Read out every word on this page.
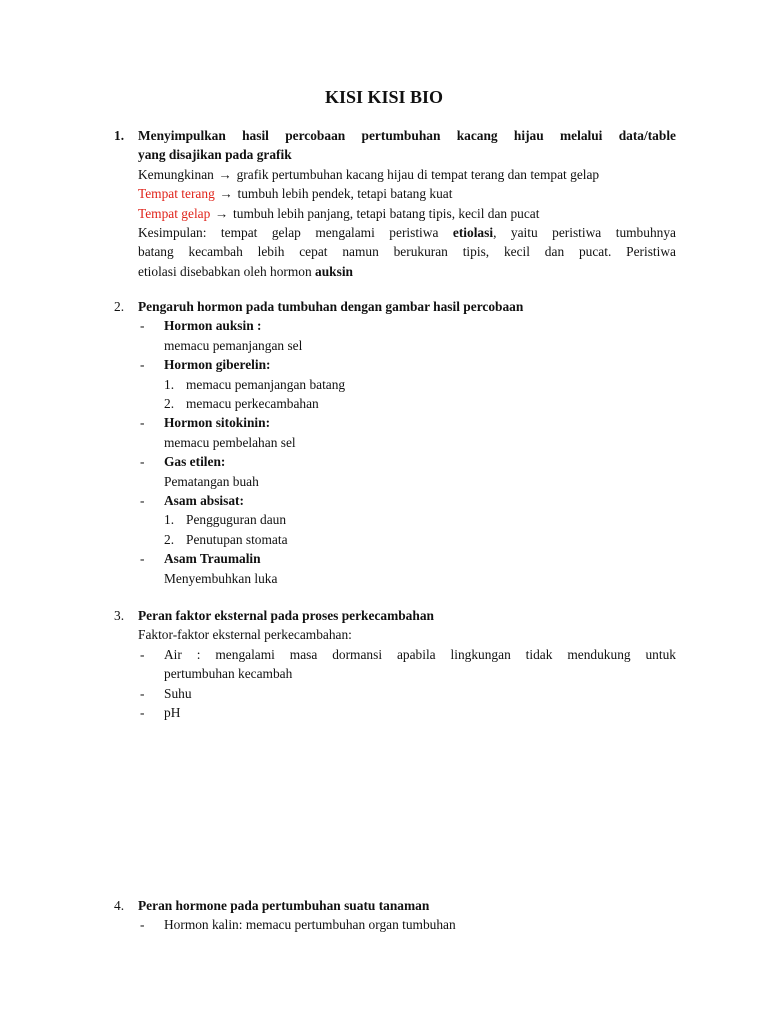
KISI KISI BIO
1.	Menyimpulkan hasil percobaan pertumbuhan kacang hijau melalui data/table
yang disajikan pada grafik
Kemungkinan → grafik pertumbuhan kacang hijau di tempat terang dan tempat gelap
Tempat terang → tumbuh lebih pendek, tetapi batang kuat
Tempat gelap → tumbuh lebih panjang, tetapi batang tipis, kecil dan pucat
Kesimpulan: tempat gelap mengalami peristiwa etiolasi, yaitu peristiwa tumbuhnya
batang kecambah lebih cepat namun berukuran tipis, kecil dan pucat. Peristiwa
etiolasi disebabkan oleh hormon auksin
2.	Pengaruh hormon pada tumbuhan dengan gambar hasil percobaan
- Hormon auksin :
memacu pemanjangan sel
- Hormon giberelin:
1. memacu pemanjangan batang
2. memacu perkecambahan
- Hormon sitokinin:
memacu pembelahan sel
- Gas etilen:
Pematangan buah
- Asam absisat:
1. Pengguguran daun
2. Penutupan stomata
- Asam Traumalin
Menyembuhkan luka
3.	Peran faktor eksternal pada proses perkecambahan
Faktor-faktor eksternal perkecambahan:
- Air : mengalami masa dormansi apabila lingkungan tidak mendukung untuk
pertumbuhan kecambah
- Suhu
- pH
4.	Peran hormone pada pertumbuhan suatu tanaman
- Hormon kalin: memacu pertumbuhan organ tumbuhan
